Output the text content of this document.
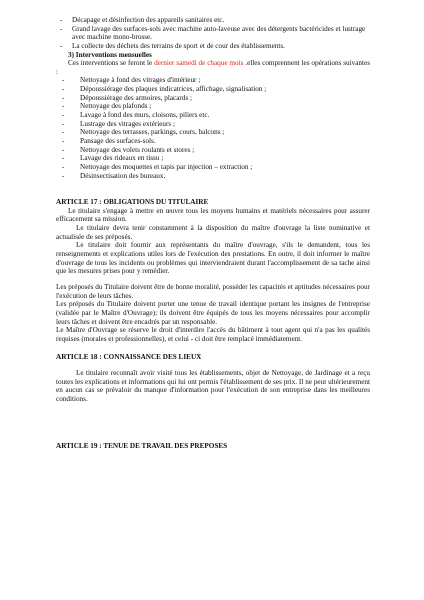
- Décapage et désinfection des appareils sanitaires etc.
- Grand lavage des surfaces-sols avec machine auto-laveuse avec des détergents bactéricides et lustrage avec machine mono-brosse.
- La collecte des déchets des terrains de sport et de cour des établissements.
3) Interventions mensuelles

Ces interventions se feront le dernier samedi de chaque mois .elles comprennent les opérations suivantes :

- Nettoyage à fond des vitrages d'intérieur ;
- Dépoussiérage des plaques indicatrices, affichage, signalisation ;
- Dépoussiérage des armoires, placards ;
- Nettoyage des plafonds ;
- Lavage à fond des murs, cloisons, piliers etc.
- Lustrage des vitrages extérieurs ;
- Nettoyage des terrasses, parkings, cours, balcons ;
- Pansage des surfaces-sols.
- Nettoyage des volets roulants et stores ;
- Lavage des rideaux en tissu ;
- Nettoyage des moquettes et tapis par injection – extraction ;
- Désinsectisation des bureaux.
ARTICLE 17 : OBLIGATIONS DU TITULAIRE

Le titulaire s'engage à mettre en œuvre tous les moyens humains et matériels nécessaires pour assurer efficacement sa mission.

Le titulaire devra tenir constamment à la disposition du maître d'ouvrage la liste nominative et actualisée de ses préposés.

Le titulaire doit fournir aux représentants du maître d'ouvrage, s'ils le demandent, tous les renseignements et explications utiles lors de l'exécution des prestations. En outre, il doit informer le maître d'ouvrage de tous les incidents ou problèmes qui interviendraient durant l'accomplissement de sa tache ainsi que les mesures prises pour y remédier.

Les préposés du Titulaire doivent être de bonne moralité, posséder les capacités et aptitudes nécessaires pour l'exécution de leurs tâches.

Les préposés du Titulaire doivent porter une tenue de travail identique portant les insignes de l'entreprise (validée par le Maître d'Ouvrage); ils doivent être équipés de tous les moyens nécessaires pour accomplir leurs tâches et doivent être encadrés par un responsable.

Le Maître d'Ouvrage se réserve le droit d'interdire l'accès du bâtiment à tout agent qui n'a pas les qualités requises (morales et professionnelles), et celui - ci doit être remplacé immédiatement.

ARTICLE 18 : CONNAISSANCE DES LIEUX

Le titulaire reconnaît avoir visité tous les établissements, objet de Nettoyage, de Jardinage et a reçu toutes les explications et informations qui lui ont permis l'établissement de ses prix. Il ne peut ultérieurement en aucun cas se prévaloir du manque d'information pour l'exécution de son entreprise dans les meilleures conditions.

ARTICLE 19 : TENUE DE TRAVAIL DES PREPOSES
